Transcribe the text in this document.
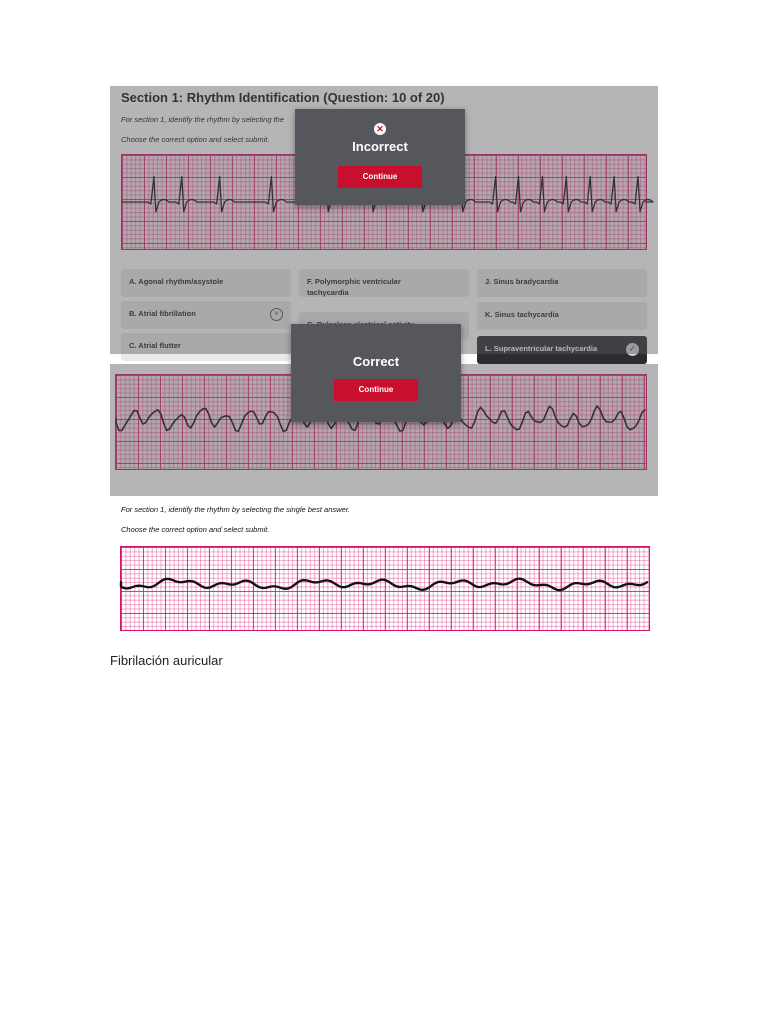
Section 1: Rhythm Identification (Question: 10 of 20)

For section 1, identify the rhythm by selecting the

Choose the correct option and select submit.

A. Agonal rhythm/asystole
B. Atrial fibrillation	×
C. Atrial flutter
F. Polymorphic ventricular tachycardia
J. Sinus bradycardia
K. Sinus tachycardia
L. Supraventricular tachycardia	✓
✕
Incorrect
Continue
Correct
Continue

For section 1, identify the rhythm by selecting the single best answer.

Choose the correct option and select submit.

Fibrilación auricular
